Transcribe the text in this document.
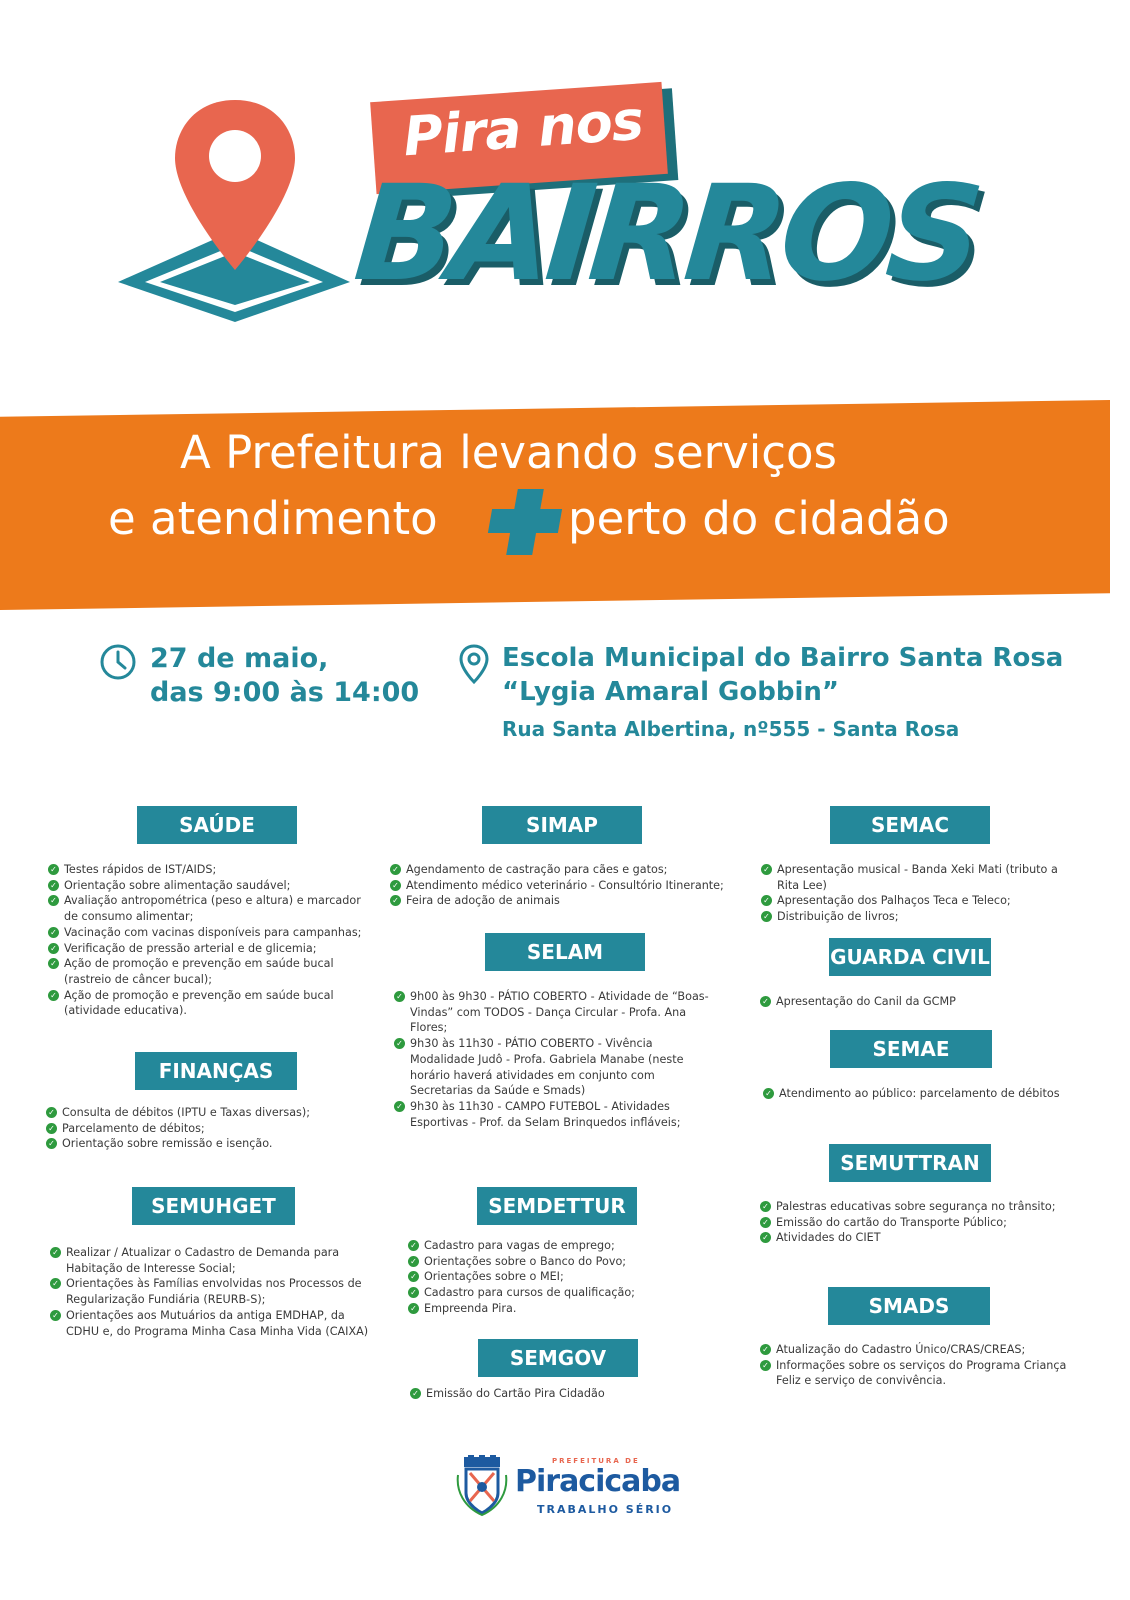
Pira nos
BAIRROS
A Prefeitura levando serviços
e atendimento	perto do cidadão
27 de maio,
das 9:00 às 14:00
Escola Municipal do Bairro Santa Rosa
“Lygia Amaral Gobbin”
Rua Santa Albertina, nº555 - Santa Rosa
SAÚDE
✓ Testes rápidos de IST/AIDS;
✓ Orientação sobre alimentação saudável;
✓ Avaliação antropométrica (peso e altura) e marcador de consumo alimentar;
✓ Vacinação com vacinas disponíveis para campanhas;
✓ Verificação de pressão arterial e de glicemia;
✓ Ação de promoção e prevenção em saúde bucal (rastreio de câncer bucal);
✓ Ação de promoção e prevenção em saúde bucal (atividade educativa).
FINANÇAS
✓ Consulta de débitos (IPTU e Taxas diversas);
✓ Parcelamento de débitos;
✓ Orientação sobre remissão e isenção.
SEMUHGET
✓ Realizar / Atualizar o Cadastro de Demanda para Habitação de Interesse Social;
✓ Orientações às Famílias envolvidas nos Processos de Regularização Fundiária (REURB-S);
✓ Orientações aos Mutuários da antiga EMDHAP, da CDHU e, do Programa Minha Casa Minha Vida (CAIXA)
SIMAP
✓ Agendamento de castração para cães e gatos;
✓ Atendimento médico veterinário - Consultório Itinerante;
✓ Feira de adoção de animais
SELAM
✓ 9h00 às 9h30 - PÁTIO COBERTO - Atividade de “Boas-Vindas” com TODOS - Dança Circular - Profa. Ana Flores;
✓ 9h30 às 11h30 - PÁTIO COBERTO - Vivência Modalidade Judô - Profa. Gabriela Manabe (neste horário haverá atividades em conjunto com Secretarias da Saúde e Smads)
✓ 9h30 às 11h30 - CAMPO FUTEBOL - Atividades Esportivas - Prof. da Selam Brinquedos infláveis;
SEMDETTUR
✓ Cadastro para vagas de emprego;
✓ Orientações sobre o Banco do Povo;
✓ Orientações sobre o MEI;
✓ Cadastro para cursos de qualificação;
✓ Empreenda Pira.
SEMGOV
✓ Emissão do Cartão Pira Cidadão
SEMAC
✓ Apresentação musical - Banda Xeki Mati (tributo a Rita Lee)
✓ Apresentação dos Palhaços Teca e Teleco;
✓ Distribuição de livros;
GUARDA CIVIL
✓ Apresentação do Canil da GCMP
SEMAE
✓ Atendimento ao público: parcelamento de débitos
SEMUTTRAN
✓ Palestras educativas sobre segurança no trânsito;
✓ Emissão do cartão do Transporte Público;
✓ Atividades do CIET
SMADS
✓ Atualização do Cadastro Único/CRAS/CREAS;
✓ Informações sobre os serviços do Programa Criança Feliz e serviço de convivência.
PREFEITURA DE
Piracicaba
TRABALHO SÉRIO
